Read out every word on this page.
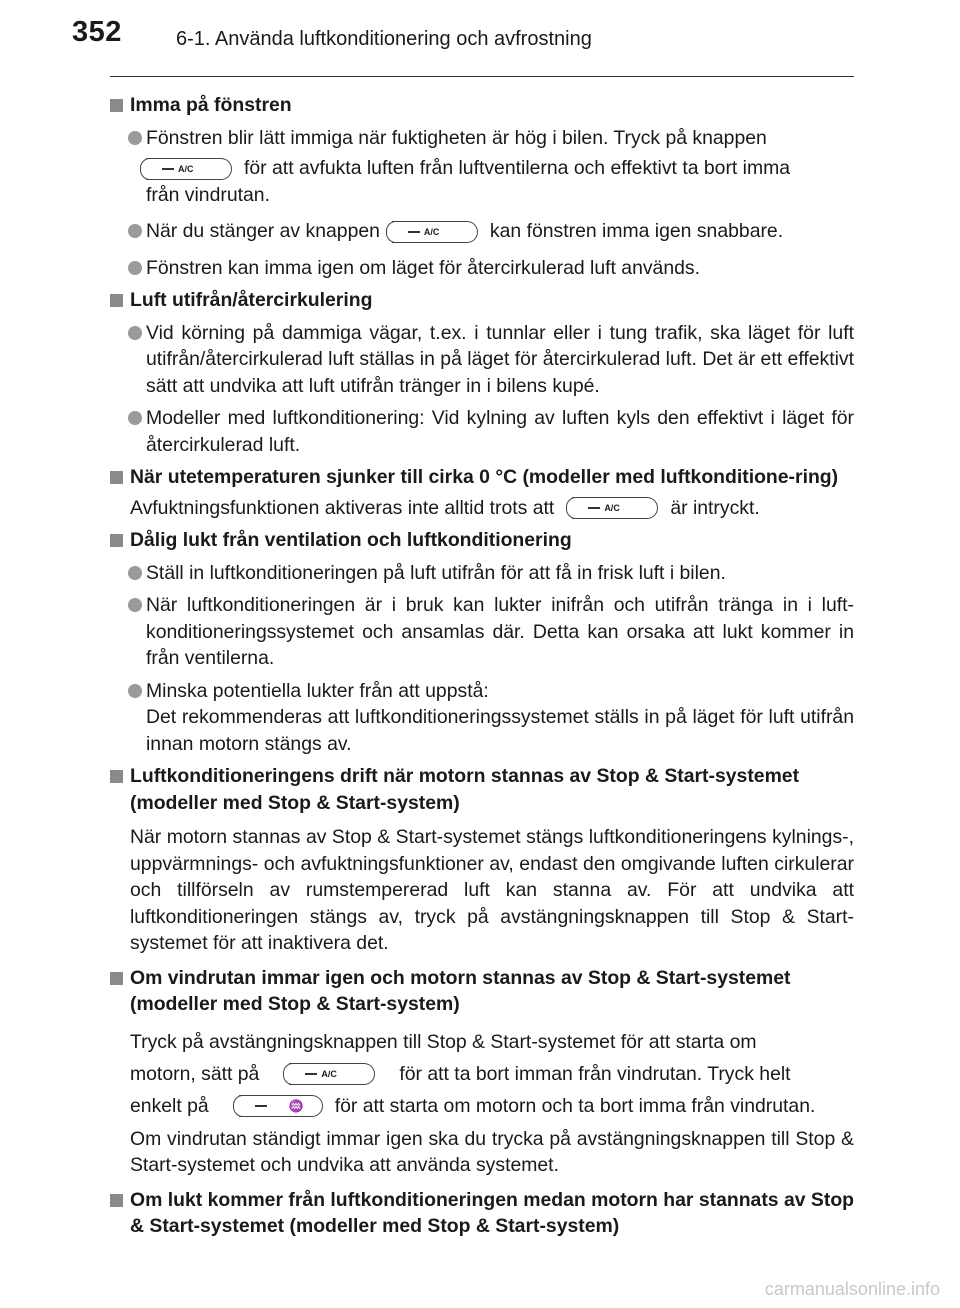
352	6-1. Använda luftkonditionering och avfrostning
Imma på fönstren
Fönstren blir lätt immiga när fuktigheten är hög i bilen. Tryck på knappen
A/C	för att avfukta luften från luftventilerna och effektivt ta bort imma
från vindrutan.
När du stänger av knappen	A/C	kan fönstren imma igen snabbare.
Fönstren kan imma igen om läget för återcirkulerad luft används.
Luft utifrån/återcirkulering
Vid körning på dammiga vägar, t.ex. i tunnlar eller i tung trafik, ska läget för luft utifrån/återcirkulerad luft ställas in på läget för återcirkulerad luft. Det är ett effektivt sätt att undvika att luft utifrån tränger in i bilens kupé.
Modeller med luftkonditionering: Vid kylning av luften kyls den effektivt i läget för återcirkulerad luft.
När utetemperaturen sjunker till cirka 0 °C (modeller med luftkonditione-ring)
Avfuktningsfunktionen aktiveras inte alltid trots att	A/C	är intryckt.
Dålig lukt från ventilation och luftkonditionering
Ställ in luftkonditioneringen på luft utifrån för att få in frisk luft i bilen.
När luftkonditioneringen är i bruk kan lukter inifrån och utifrån tränga in i luft-konditioneringssystemet och ansamlas där. Detta kan orsaka att lukt kommer in från ventilerna.
Minska potentiella lukter från att uppstå:
Det rekommenderas att luftkonditioneringssystemet ställs in på läget för luft utifrån innan motorn stängs av.
Luftkonditioneringens drift när motorn stannas av Stop & Start-systemet (modeller med Stop & Start-system)
När motorn stannas av Stop & Start-systemet stängs luftkonditioneringens kylnings-, uppvärmnings- och avfuktningsfunktioner av, endast den omgivande luften cirkulerar och tillförseln av rumstempererad luft kan stanna av. För att undvika att luftkonditioneringen stängs av, tryck på avstängningsknappen till Stop & Start-systemet för att inaktivera det.
Om vindrutan immar igen och motorn stannas av Stop & Start-systemet (modeller med Stop & Start-system)
Tryck på avstängningsknappen till Stop & Start-systemet för att starta om
motorn, sätt på	A/C	för att ta bort imman från vindrutan. Tryck helt
enkelt på	♒ för att starta om motorn och ta bort imma från vindrutan.
Om vindrutan ständigt immar igen ska du trycka på avstängningsknappen till Stop & Start-systemet och undvika att använda systemet.
Om lukt kommer från luftkonditioneringen medan motorn har stannats av Stop & Start-systemet (modeller med Stop & Start-system)
carmanualsonline.info
